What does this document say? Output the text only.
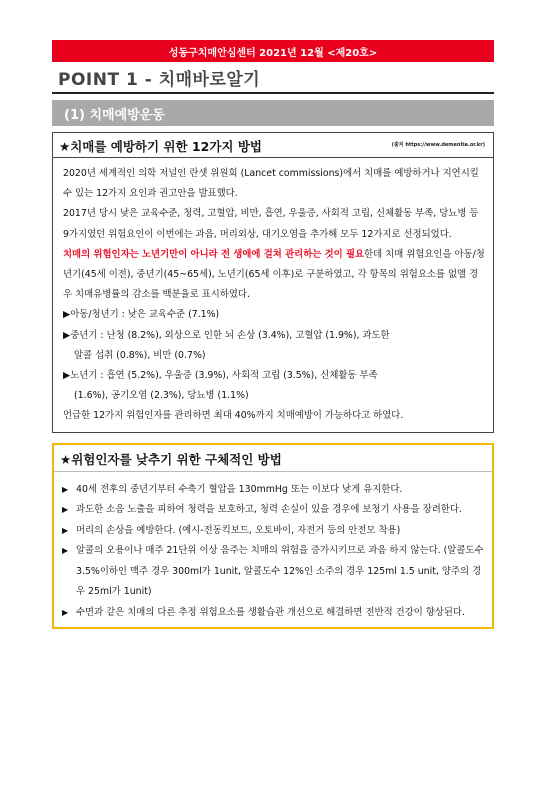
성동구치매안심센터 2021년 12월 <제20호>
POINT 1 - 치매바로알기
(1) 치매예방운동
★치매를 예방하기 위한 12가지 방법	(출처 https://www.dementia.or.kr)

2020년 세계적인 의학 저널인 란셋 위원회 (Lancet commissions)에서 치매를 예방하거나 지연시킬 수 있는 12가지 요인과 권고안을 발표했다.

2017년 당시 낮은 교육수준, 청력, 고혈압, 비만, 흡연, 우울증, 사회적 고립, 신체활동 부족, 당뇨병 등 9가지였던 위험요인이 이번에는 과음, 머리외상, 대기오염을 추가해 모두 12가지로 선정되었다.

치매의 위험인자는 노년기만이 아니라 전 생애에 걸쳐 관리하는 것이 필요한데 치매 위험요인을 아동/청년기(45세 이전), 중년기(45~65세), 노년기(65세 이후)로 구분하였고, 각 항목의 위험요소를 없앨 경우 치매유병률의 감소를 백분율로 표시하였다.

▶아동/청년기 : 낮은 교육수준 (7.1%)

▶중년기 : 난청 (8.2%), 외상으로 인한 뇌 손상 (3.4%), 고혈압 (1.9%), 과도한

알콜 섭취 (0.8%), 비만 (0.7%)

▶노년기 : 흡연 (5.2%), 우울증 (3.9%), 사회적 고립 (3.5%), 신체활동 부족

(1.6%), 공기오염 (2.3%), 당뇨병 (1.1%)

언급한 12가지 위험인자를 관리하면 최대 40%까지 치매예방이 가능하다고 하였다.

★위험인자를 낮추기 위한 구체적인 방법
▶ 40세 전후의 중년기부터 수축기 혈압을 130mmHg 또는 이보다 낮게 유지한다.
▶ 과도한 소음 노출을 피하여 청력을 보호하고, 청력 손실이 있을 경우에 보청기 사용을 장려한다.
▶ 머리의 손상을 예방한다. (예시-전동킥보드, 오토바이, 자전거 등의 안전모 착용)
▶ 알콜의 오용이나 매주 21단위 이상 음주는 치매의 위험을 증가시키므로 과음 하지 않는다. (알콜도수 3.5%이하인 맥주 경우 300ml가 1unit, 알콜도수 12%인 소주의 경우 125ml 1.5 unit, 양주의 경우 25ml가 1unit)
▶ 수면과 같은 치매의 다른 추정 위험요소를 생활습관 개선으로 해결하면 전반적 건강이 향상된다.
